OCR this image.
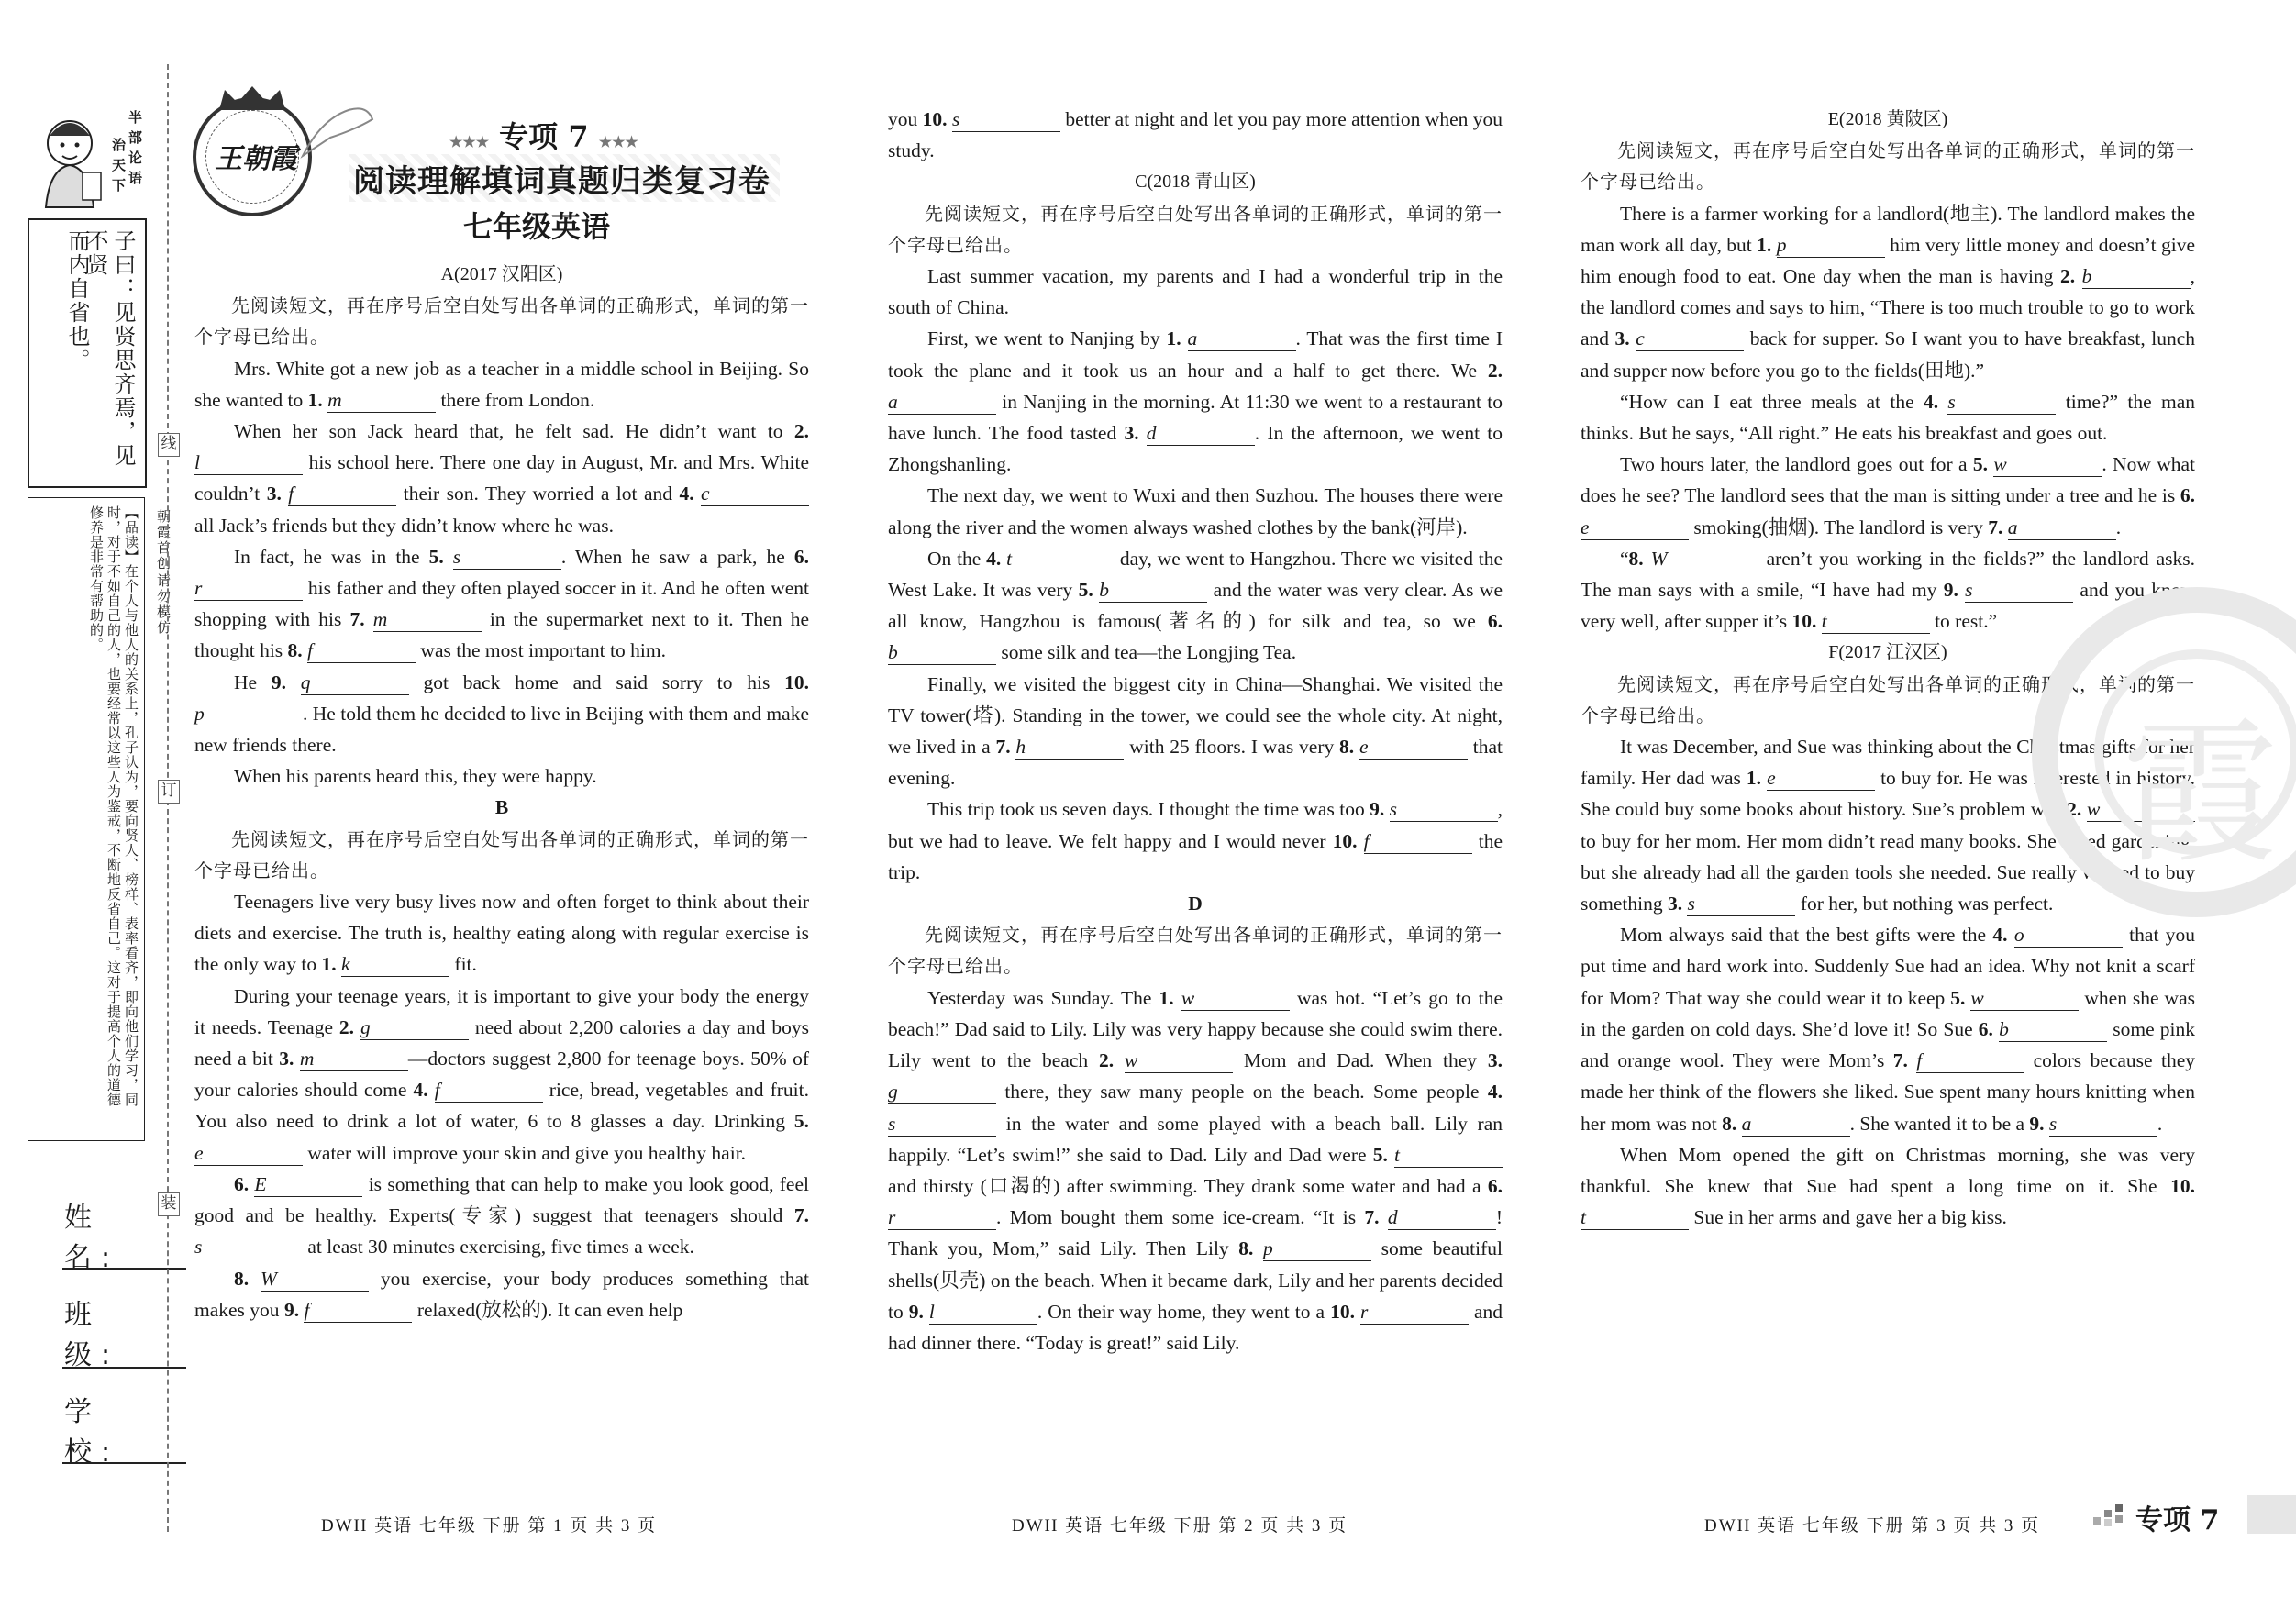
半
部
论
语
治
天
下
子曰：见贤思齐焉，见不贤
而内自省也。
【品读】在个人与他人的关系上，孔子认为，要向贤人、榜样、表率看齐，即向他们学习，同时，对于不如自己的人，也要经常以这些人为鉴戒，不断地反省自己。这对于提高个人的道德修养是非常有帮助的。
姓 名:
班 级:
学 校:
朝霞首创
请勿模仿
线
订
装
王朝霞
★★★ 专项 7 ★★★
阅读理解填词真题归类复习卷
七年级英语

A(2017 汉阳区)

先阅读短文，再在序号后空白处写出各单词的正确形式，单词的第一个字母已给出。

Mrs. White got a new job as a teacher in a middle school in Beijing. So she wanted to 1. m	there from London.

When her son Jack heard that, he felt sad. He didn’t want to 2. l	his school here. There one day in August, Mr. and Mrs. White couldn’t 3. f	their son. They worried a lot and 4. c all Jack’s friends but they didn’t know where he was.

In fact, he was in the 5. s	. When he saw a park, he 6. r	his father and they often played soccer in it. And he often went shopping with his 7. m	in the supermarket next to it. Then he thought his 8. f	was the most important to him.

He 9. q	got back home and said sorry to his 10. p	. He told them he decided to live in Beijing with them and make new friends there.

When his parents heard this, they were happy.

B

先阅读短文，再在序号后空白处写出各单词的正确形式，单词的第一个字母已给出。

Teenagers live very busy lives now and often forget to think about their diets and exercise. The truth is, healthy eating along with regular exercise is the only way to 1. k	fit.

During your teenage years, it is important to give your body the energy it needs. Teenage 2. g	need about 2,200 calories a day and boys need a bit 3. m	—doctors suggest 2,800 for teenage boys. 50% of your calories should come 4. f	rice, bread, vegetables and fruit. You also need to drink a lot of water, 6 to 8 glasses a day. Drinking 5. e	water will improve your skin and give you healthy hair.

6. E	is something that can help to make you look good, feel good and be healthy. Experts(专家) suggest that teenagers should 7. s	at least 30 minutes exercising, five times a week.

8. W	you exercise, your body produces something that makes you 9. f	relaxed(放松的). It can even help

you 10. s	better at night and let you pay more attention when you study.

C(2018 青山区)

先阅读短文，再在序号后空白处写出各单词的正确形式，单词的第一个字母已给出。

Last summer vacation, my parents and I had a wonderful trip in the south of China.

First, we went to Nanjing by 1. a	. That was the first time I took the plane and it took us an hour and a half to get there. We 2. a	in Nanjing in the morning. At 11:30 we went to a restaurant to have lunch. The food tasted 3. d	. In the afternoon, we went to Zhongshanling.

The next day, we went to Wuxi and then Suzhou. The houses there were along the river and the women always washed clothes by the bank(河岸).

On the 4. t	day, we went to Hangzhou. There we visited the West Lake. It was very 5. b	and the water was very clear. As we all know, Hangzhou is famous(著名的) for silk and tea, so we 6. b	some silk and tea—the Longjing Tea.

Finally, we visited the biggest city in China—Shanghai. We visited the TV tower(塔). Standing in the tower, we could see the whole city. At night, we lived in a 7. h	with 25 floors. I was very 8. e	that evening.

This trip took us seven days. I thought the time was too 9. s	, but we had to leave. We felt happy and I would never 10. f	the trip.

D

先阅读短文，再在序号后空白处写出各单词的正确形式，单词的第一个字母已给出。

Yesterday was Sunday. The 1. w	was hot. “Let’s go to the beach!” Dad said to Lily. Lily was very happy because she could swim there. Lily went to the beach 2. w	Mom and Dad. When they 3. g	there, they saw many people on the beach. Some people 4. s	in the water and some played with a beach ball. Lily ran happily. “Let’s swim!” she said to Dad. Lily and Dad were 5. t and thirsty (口渴的) after swimming. They drank some water and had a 6. r	. Mom bought them some ice-cream. “It is 7. d	! Thank you, Mom,” said Lily. Then Lily 8. p	some beautiful shells(贝壳) on the beach. When it became dark, Lily and her parents decided to 9. l	. On their way home, they went to a 10. r	and had dinner there. “Today is great!” said Lily.

E(2018 黄陂区)

先阅读短文，再在序号后空白处写出各单词的正确形式，单词的第一个字母已给出。

There is a farmer working for a landlord(地主). The landlord makes the man work all day, but 1. p	him very little money and doesn’t give him enough food to eat. One day when the man is having 2. b	, the landlord comes and says to him, “There is too much trouble to go to work and 3. c	back for supper. So I want you to have breakfast, lunch and supper now before you go to the fields(田地).”

“How can I eat three meals at the 4. s	time?” the man thinks. But he says, “All right.” He eats his breakfast and goes out.

Two hours later, the landlord goes out for a 5. w	. Now what does he see? The landlord sees that the man is sitting under a tree and he is 6. e	smoking(抽烟). The landlord is very 7. a	.

“8. W	aren’t you working in the fields?” the landlord asks. The man says with a smile, “I have had my 9. s	and you know very well, after supper it’s 10. t	to rest.”

F(2017 江汉区)

先阅读短文，再在序号后空白处写出各单词的正确形式，单词的第一个字母已给出。

It was December, and Sue was thinking about the Christmas gifts for her family. Her dad was 1. e	to buy for. He was interested in history. She could buy some books about history. Sue’s problem was 2. w to buy for her mom. Her mom didn’t read many books. She loved gardening, but she already had all the garden tools she needed. Sue really wanted to buy something 3. s	for her, but nothing was perfect.

Mom always said that the best gifts were the 4. o	that you put time and hard work into. Suddenly Sue had an idea. Why not knit a scarf for Mom? That way she could wear it to keep 5. w	when she was in the garden on cold days. She’d love it! So Sue 6. b	some pink and orange wool. They were Mom’s 7. f	colors because they made her think of the flowers she liked. Sue spent many hours knitting when her mom was not 8. a	. She wanted it to be a 9. s	.

When Mom opened the gift on Christmas morning, she was very thankful. She knew that Sue had spent a long time on it. She 10. t	Sue in her arms and gave her a big kiss.

霞
DWH 英语 七年级 下册 第 1 页 共 3 页	DWH 英语 七年级 下册 第 2 页 共 3 页	DWH 英语 七年级 下册 第 3 页 共 3 页	专项 7
